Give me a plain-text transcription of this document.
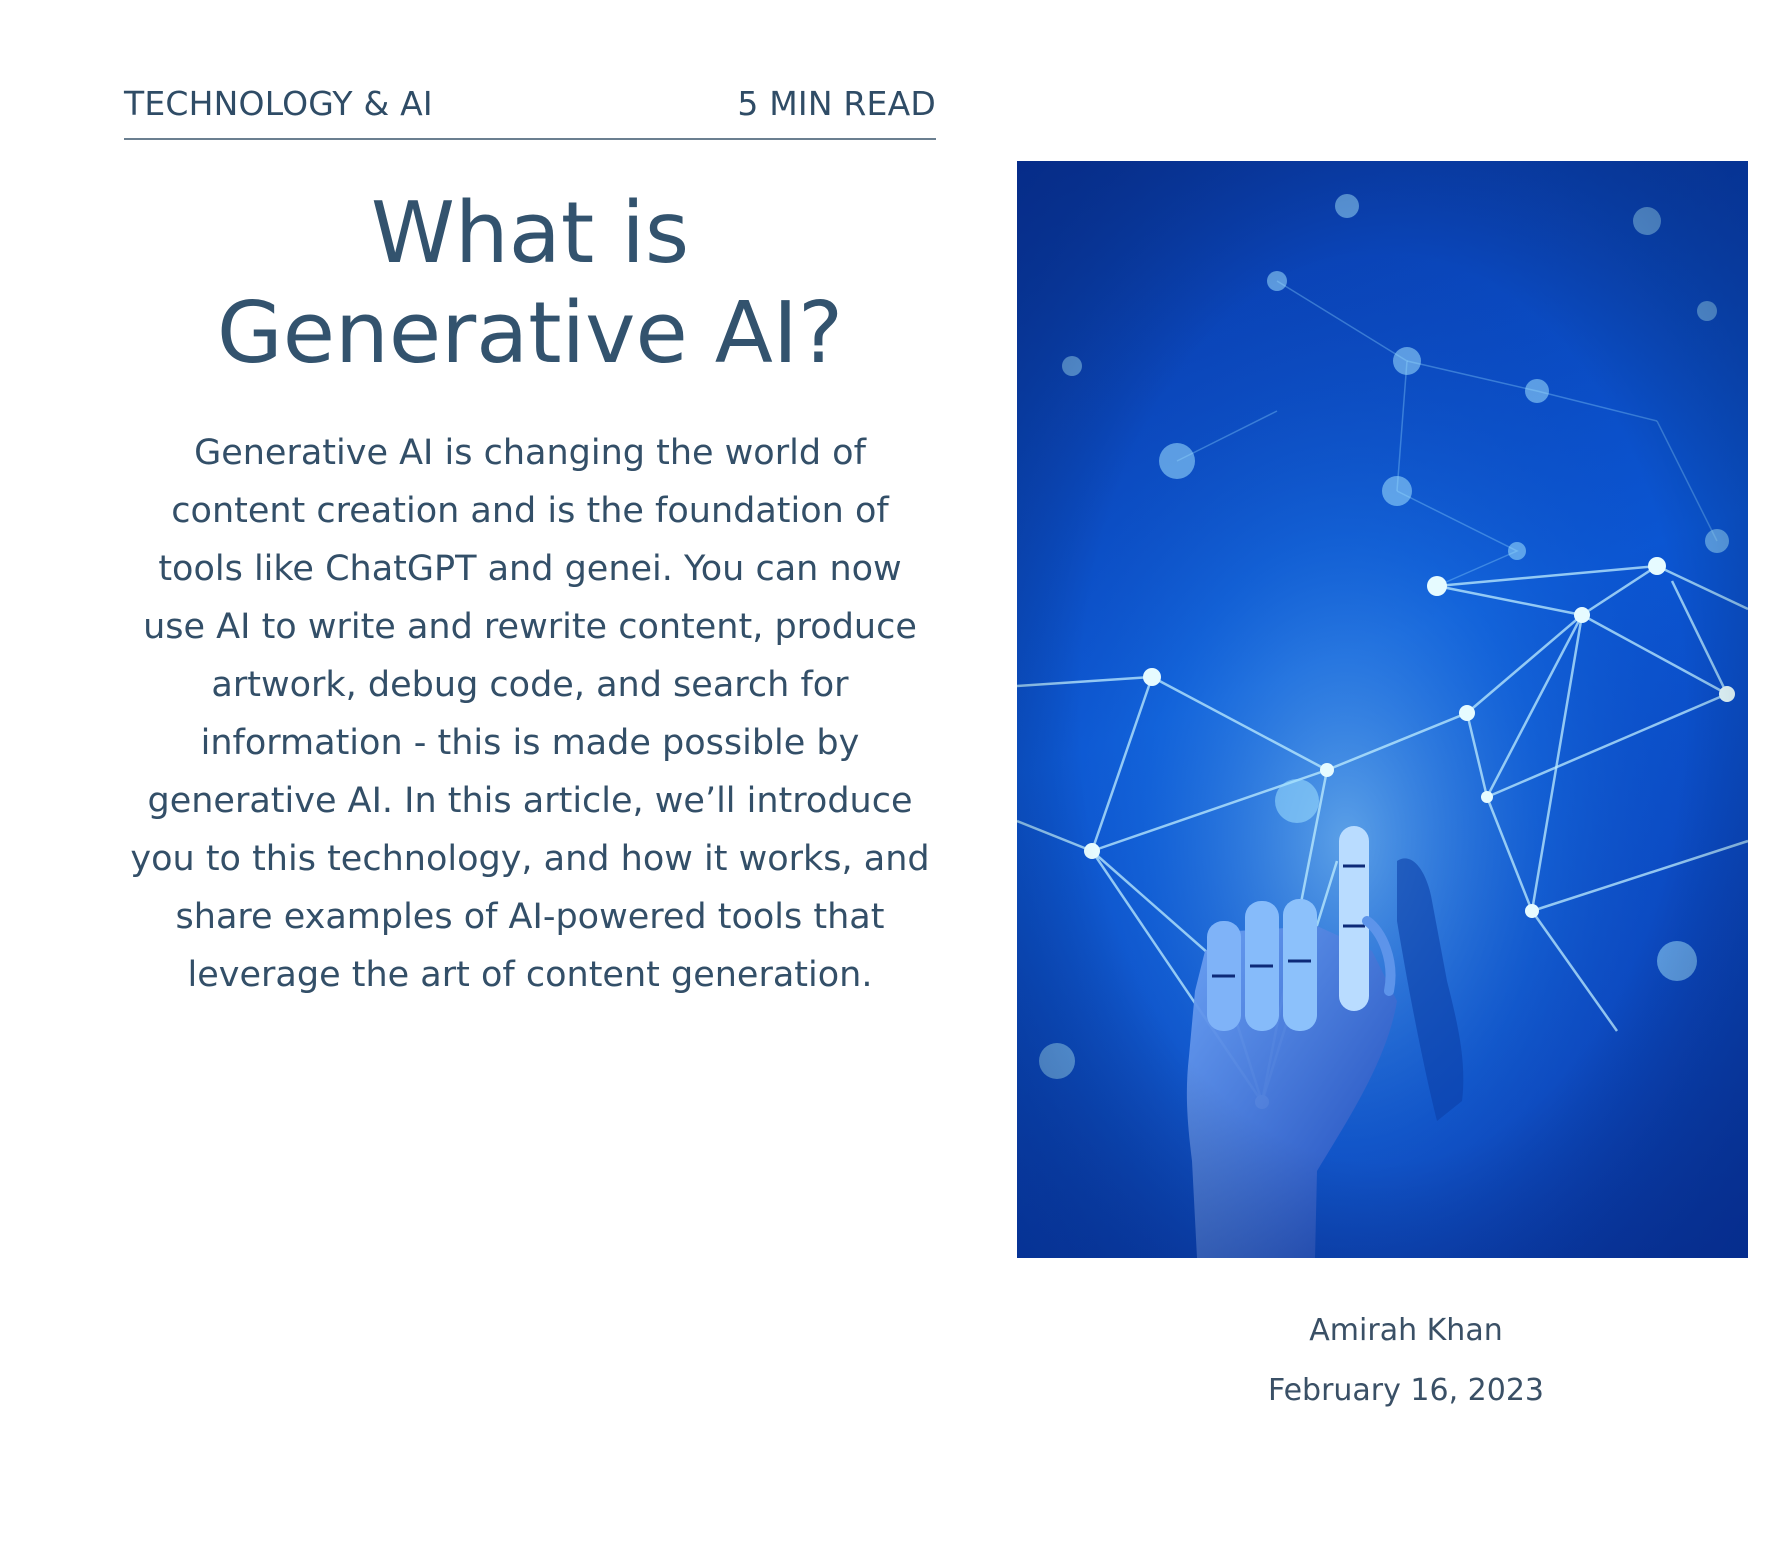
TECHNOLOGY & AI	5 MIN READ
What is Generative AI?

Generative AI is changing the world of content creation and is the foundation of tools like ChatGPT and genei. You can now use AI to write and rewrite content, produce artwork, debug code, and search for information - this is made possible by generative AI. In this article, we’ll introduce you to this technology, and how it works, and share examples of AI-powered tools that leverage the art of content generation.

Amirah Khan
February 16, 2023
